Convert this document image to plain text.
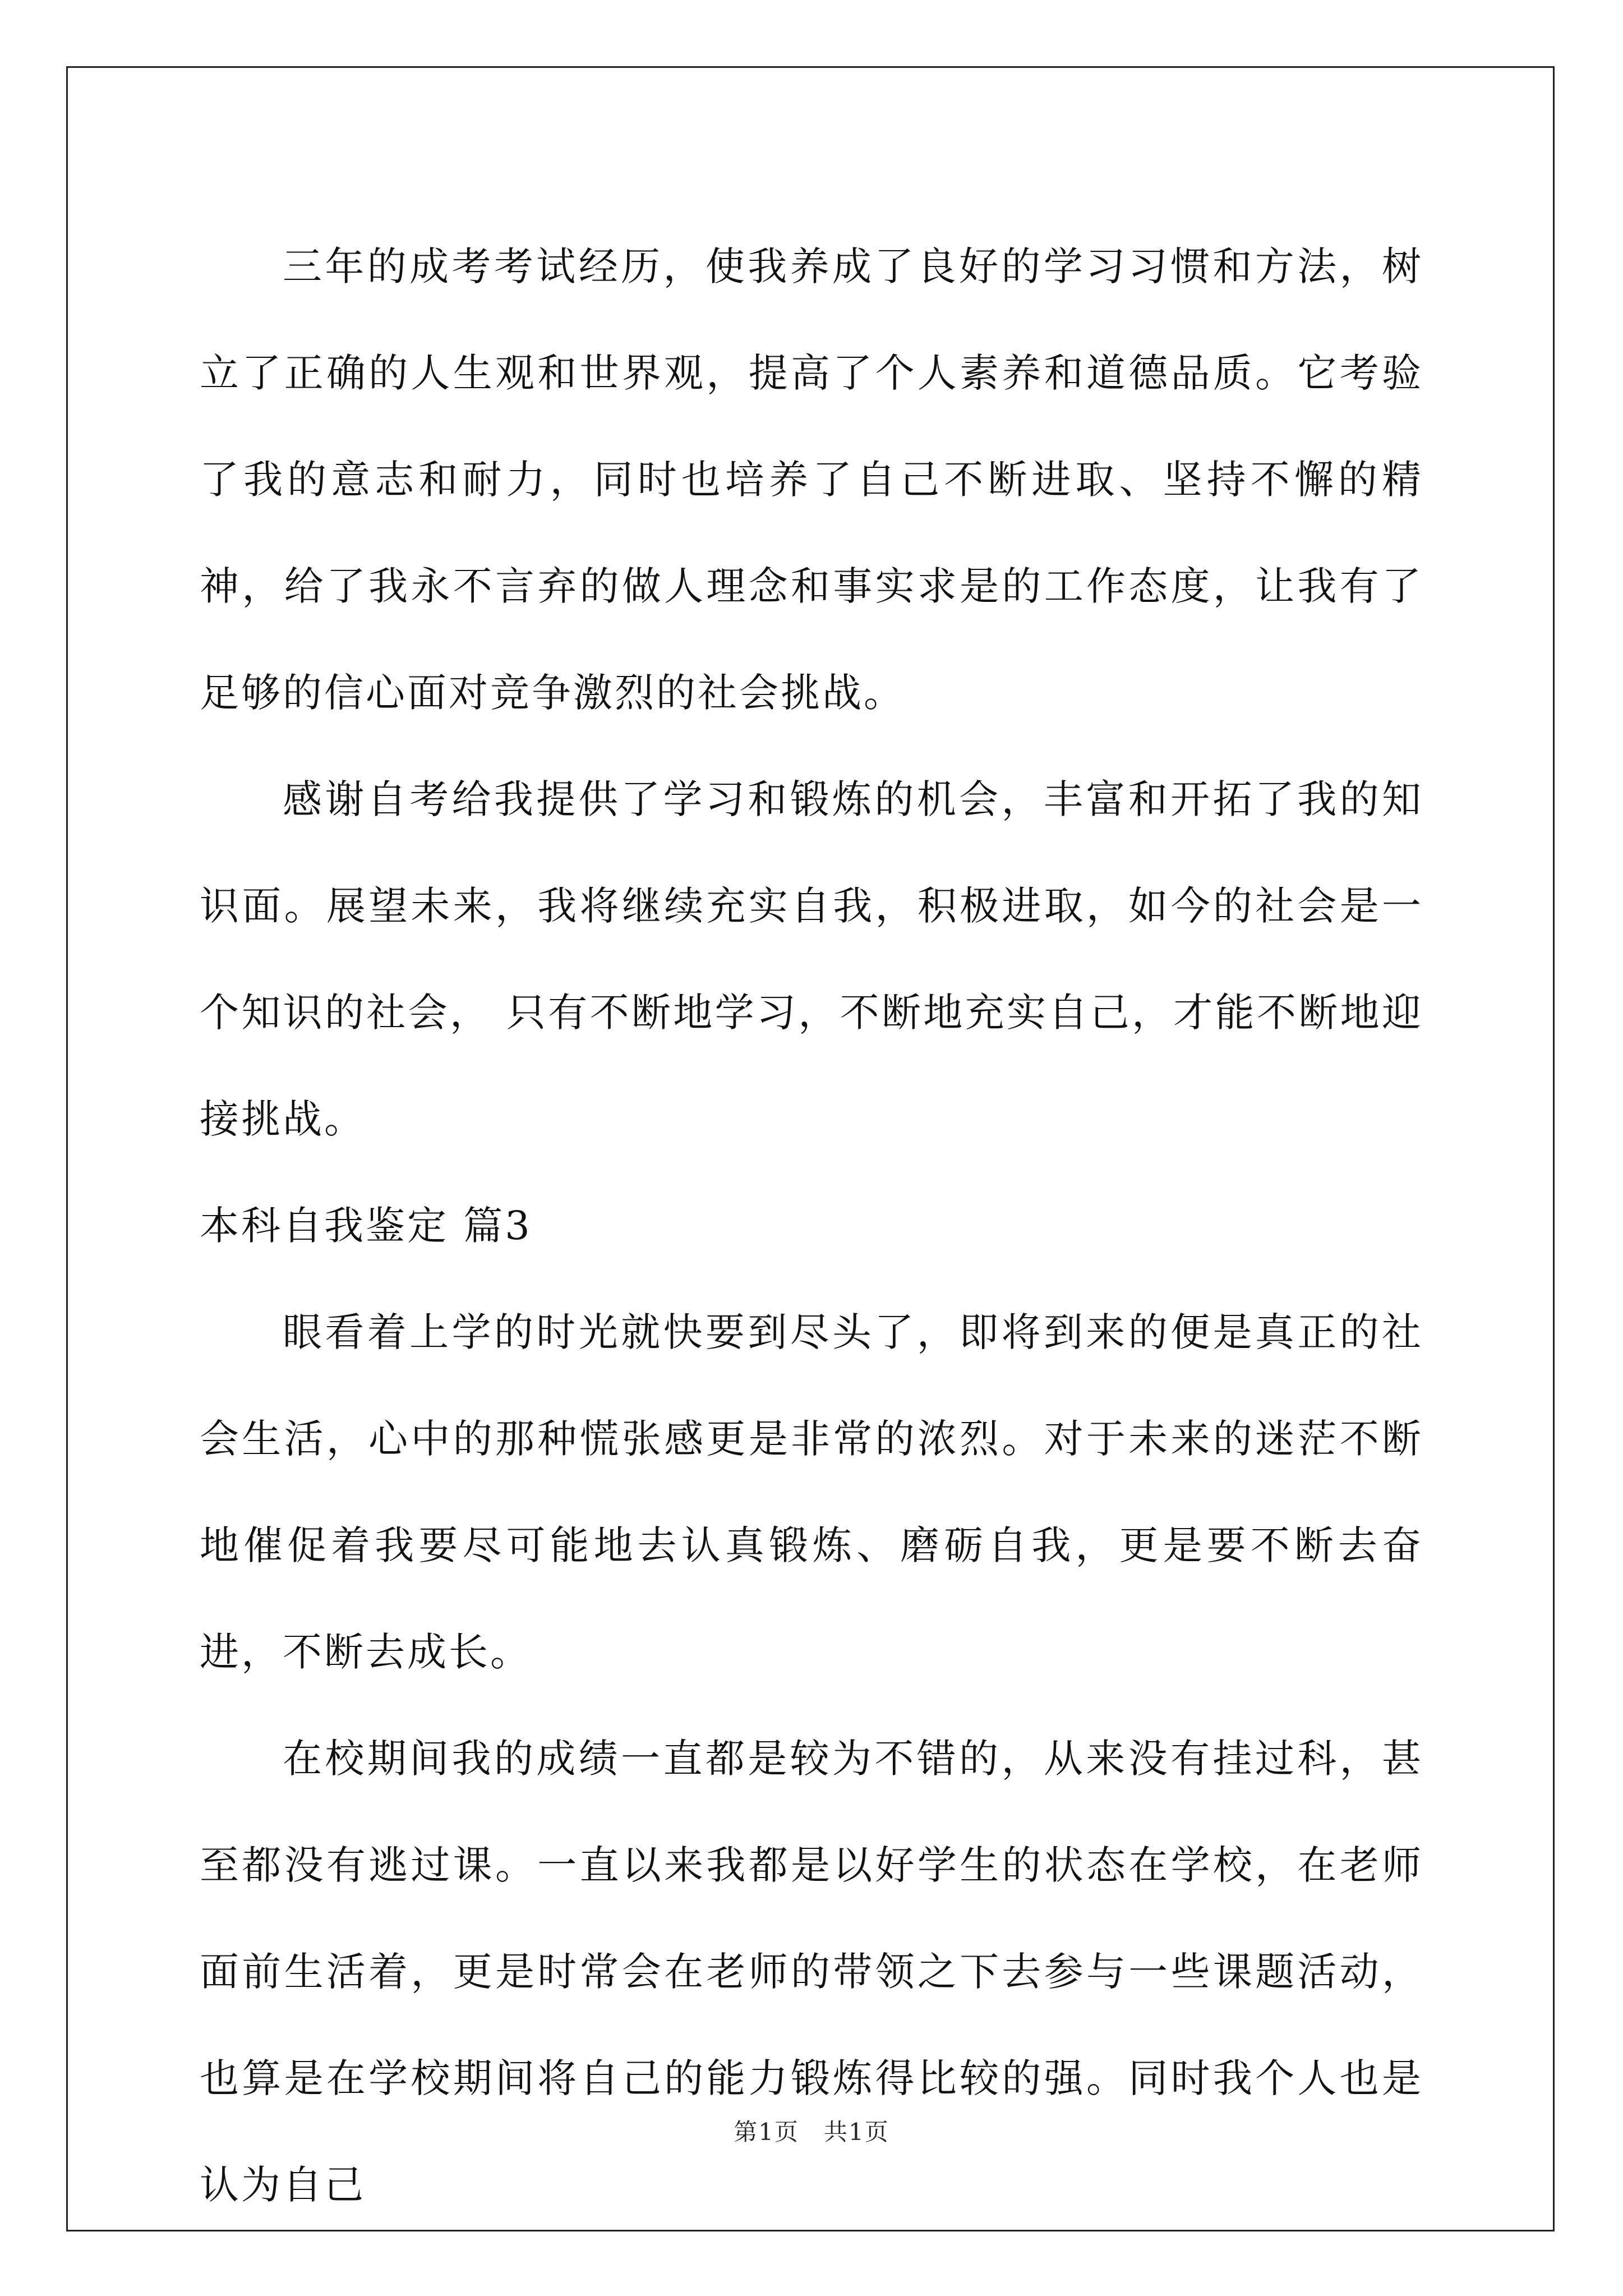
三年的成考考试经历，使我养成了良好的学习习惯和方法，树立了正确的人生观和世界观，提高了个人素养和道德品质。它考验了我的意志和耐力，同时也培养了自己不断进取、坚持不懈的精神，给了我永不言弃的做人理念和事实求是的工作态度，让我有了足够的信心面对竞争激烈的社会挑战。

感谢自考给我提供了学习和锻炼的机会，丰富和开拓了我的知识面。展望未来，我将继续充实自我，积极进取，如今的社会是一个知识的社会， 只有不断地学习，不断地充实自己，才能不断地迎接挑战。

本科自我鉴定 篇3

眼看着上学的时光就快要到尽头了，即将到来的便是真正的社会生活，心中的那种慌张感更是非常的浓烈。对于未来的迷茫不断地催促着我要尽可能地去认真锻炼、磨砺自我，更是要不断去奋进，不断去成长。

在校期间我的成绩一直都是较为不错的，从来没有挂过科，甚至都没有逃过课。一直以来我都是以好学生的状态在学校，在老师面前生活着，更是时常会在老师的带领之下去参与一些课题活动，也算是在学校期间将自己的能力锻炼得比较的强。同时我个人也是认为自己

第1页　共1页
